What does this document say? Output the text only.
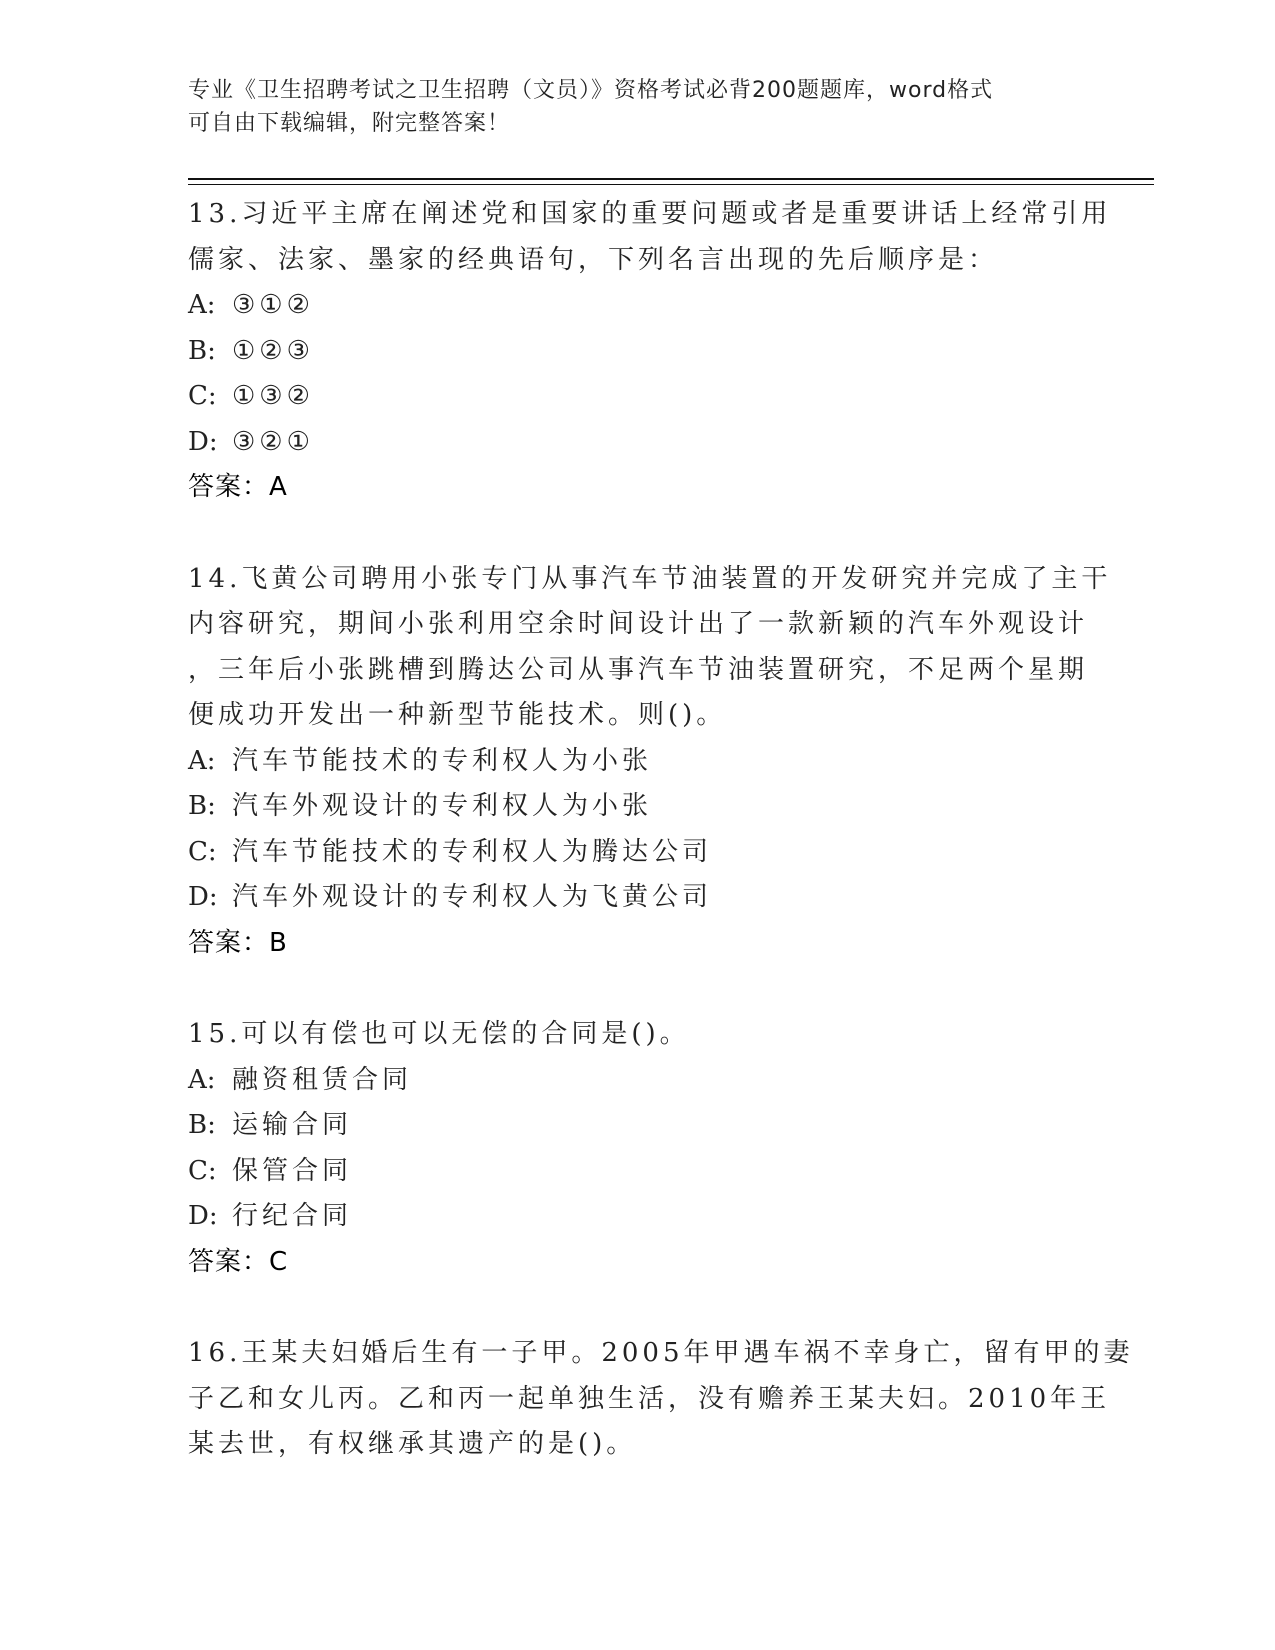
专业《卫生招聘考试之卫生招聘（文员）》资格考试必背200题题库，word格式
可自由下载编辑，附完整答案！
13.习近平主席在阐述党和国家的重要问题或者是重要讲话上经常引用
儒家、法家、墨家的经典语句，下列名言出现的先后顺序是：
A: ③①②
B: ①②③
C: ①③②
D: ③②①
答案：A
14.飞黄公司聘用小张专门从事汽车节油装置的开发研究并完成了主干
内容研究，期间小张利用空余时间设计出了一款新颖的汽车外观设计
，三年后小张跳槽到腾达公司从事汽车节油装置研究，不足两个星期
便成功开发出一种新型节能技术。则()。
A: 汽车节能技术的专利权人为小张
B: 汽车外观设计的专利权人为小张
C: 汽车节能技术的专利权人为腾达公司
D: 汽车外观设计的专利权人为飞黄公司
答案：B
15.可以有偿也可以无偿的合同是()。
A: 融资租赁合同
B: 运输合同
C: 保管合同
D: 行纪合同
答案：C
16.王某夫妇婚后生有一子甲。2005年甲遇车祸不幸身亡，留有甲的妻
子乙和女儿丙。乙和丙一起单独生活，没有赡养王某夫妇。2010年王
某去世，有权继承其遗产的是()。
